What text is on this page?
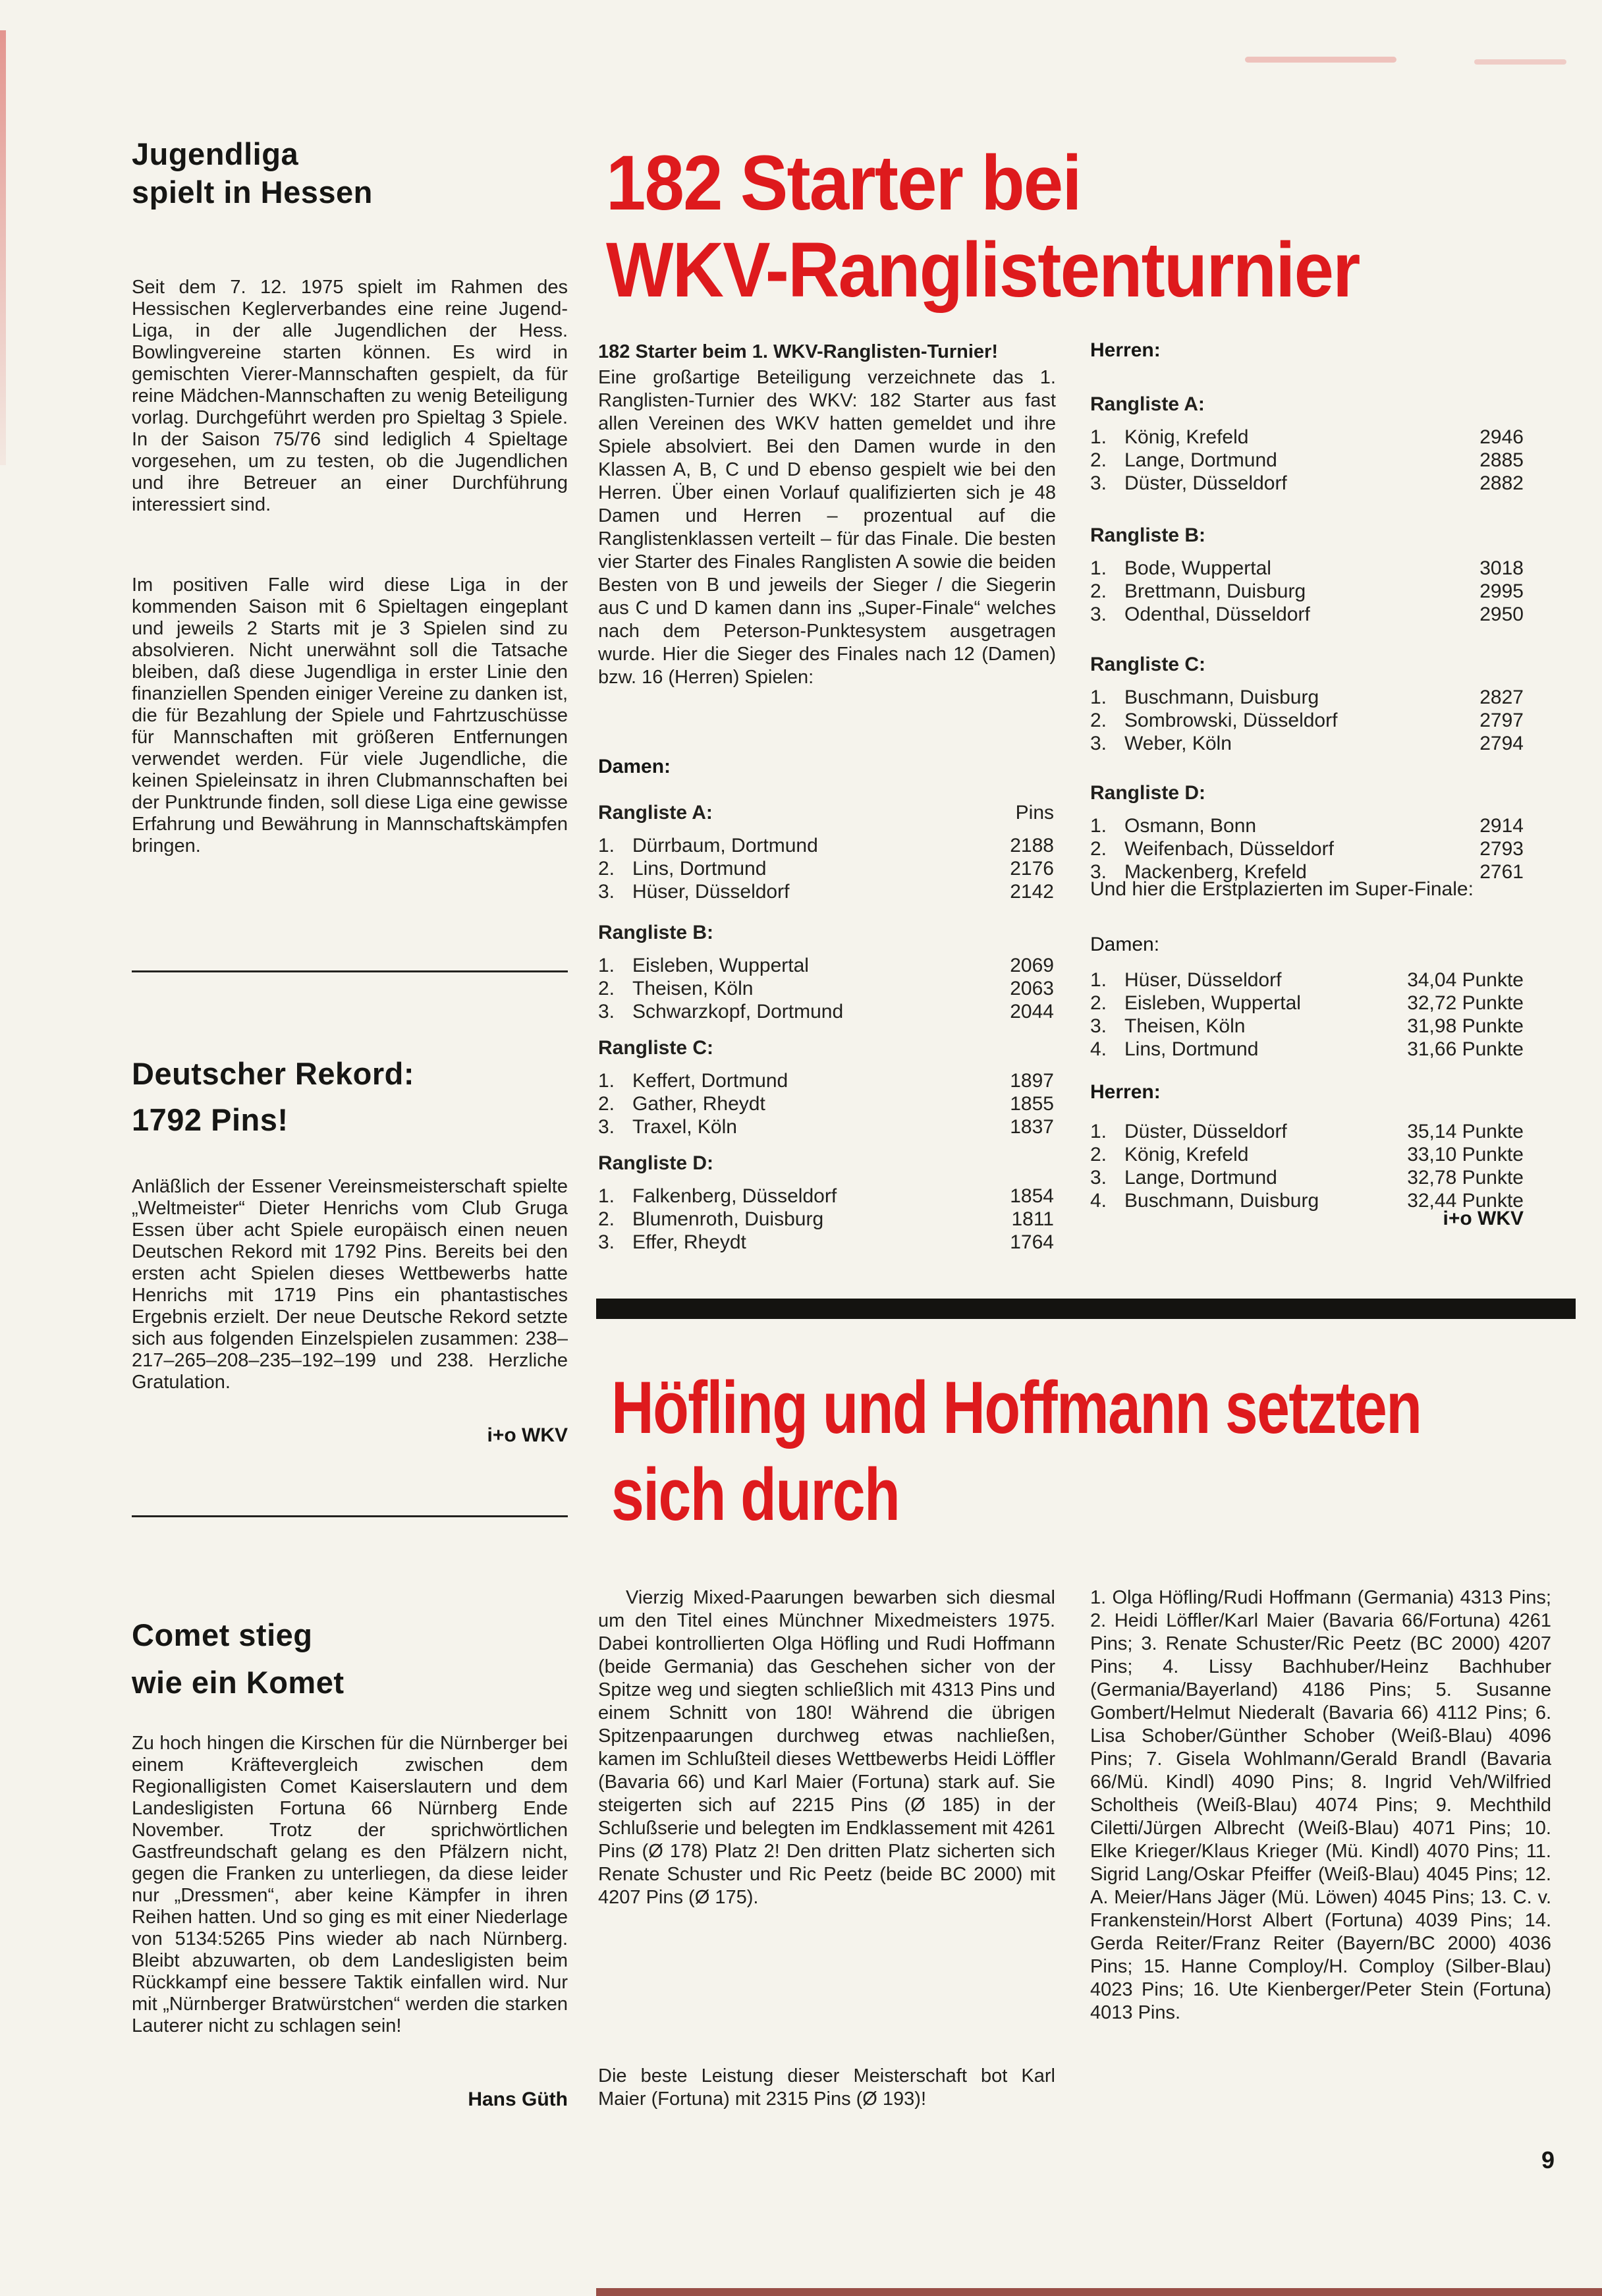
Jugendliga
spielt in Hessen
Seit dem 7. 12. 1975 spielt im Rahmen des Hessischen Keglerverbandes eine reine Jugend-Liga, in der alle Jugendlichen der Hess. Bowlingvereine starten können. Es wird in gemischten Vierer-Mannschaften gespielt, da für reine Mädchen-Mannschaften zu wenig Beteiligung vorlag. Durchgeführt werden pro Spieltag 3 Spiele. In der Saison 75/76 sind lediglich 4 Spieltage vorgesehen, um zu testen, ob die Jugendlichen und ihre Betreuer an einer Durchführung interessiert sind.
Im positiven Falle wird diese Liga in der kommenden Saison mit 6 Spieltagen eingeplant und jeweils 2 Starts mit je 3 Spielen sind zu absolvieren. Nicht unerwähnt soll die Tatsache bleiben, daß diese Jugendliga in erster Linie den finanziellen Spenden einiger Vereine zu danken ist, die für Bezahlung der Spiele und Fahrtzuschüsse für Mannschaften mit größeren Entfernungen verwendet werden. Für viele Jugendliche, die keinen Spieleinsatz in ihren Clubmannschaften bei der Punktrunde finden, soll diese Liga eine gewisse Erfahrung und Bewährung in Mannschaftskämpfen bringen.
Deutscher Rekord:
1792 Pins!
Anläßlich der Essener Vereinsmeisterschaft spielte „Weltmeister“ Dieter Henrichs vom Club Gruga Essen über acht Spiele europäisch einen neuen Deutschen Rekord mit 1792 Pins. Bereits bei den ersten acht Spielen dieses Wettbewerbs hatte Henrichs mit 1719 Pins ein phantastisches Ergebnis erzielt. Der neue Deutsche Rekord setzte sich aus folgenden Einzelspielen zusammen: 238–217–265–208–235–192–199 und 238. Herzliche Gratulation.
i+o WKV
Comet stieg
wie ein Komet
Zu hoch hingen die Kirschen für die Nürnberger bei einem Kräftevergleich zwischen dem Regionalligisten Comet Kaiserslautern und dem Landesligisten Fortuna 66 Nürnberg Ende November. Trotz der sprichwörtlichen Gastfreundschaft gelang es den Pfälzern nicht, gegen die Franken zu unterliegen, da diese leider nur „Dressmen“, aber keine Kämpfer in ihren Reihen hatten. Und so ging es mit einer Niederlage von 5134:5265 Pins wieder ab nach Nürnberg. Bleibt abzuwarten, ob dem Landesligisten beim Rückkampf eine bessere Taktik einfallen wird. Nur mit „Nürnberger Bratwürstchen“ werden die starken Lauterer nicht zu schlagen sein!
Hans Güth
182 Starter bei
WKV-Ranglistenturnier
182 Starter beim 1. WKV-Ranglisten-Turnier!
Eine großartige Beteiligung verzeichnete das 1. Ranglisten-Turnier des WKV: 182 Starter aus fast allen Vereinen des WKV hatten gemeldet und ihre Spiele absolviert. Bei den Damen wurde in den Klassen A, B, C und D ebenso gespielt wie bei den Herren. Über einen Vorlauf qualifizierten sich je 48 Damen und Herren – prozentual auf die Ranglistenklassen verteilt – für das Finale. Die besten vier Starter des Finales Ranglisten A sowie die beiden Besten von B und jeweils der Sieger / die Siegerin aus C und D kamen dann ins „Super-Finale“ welches nach dem Peterson-Punktesystem ausgetragen wurde. Hier die Sieger des Finales nach 12 (Damen) bzw. 16 (Herren) Spielen:
Damen:
Rangliste A:	Pins
1. Dürrbaum, Dortmund	2188
2. Lins, Dortmund	2176
3. Hüser, Düsseldorf	2142
Rangliste B:
1. Eisleben, Wuppertal	2069
2. Theisen, Köln	2063
3. Schwarzkopf, Dortmund	2044
Rangliste C:
1. Keffert, Dortmund	1897
2. Gather, Rheydt	1855
3. Traxel, Köln	1837
Rangliste D:
1. Falkenberg, Düsseldorf	1854
2. Blumenroth, Duisburg	1811
3. Effer, Rheydt	1764
Herren:
Rangliste A:
1. König, Krefeld	2946
2. Lange, Dortmund	2885
3. Düster, Düsseldorf	2882
Rangliste B:
1. Bode, Wuppertal	3018
2. Brettmann, Duisburg	2995
3. Odenthal, Düsseldorf	2950
Rangliste C:
1. Buschmann, Duisburg	2827
2. Sombrowski, Düsseldorf	2797
3. Weber, Köln	2794
Rangliste D:
1. Osmann, Bonn	2914
2. Weifenbach, Düsseldorf	2793
3. Mackenberg, Krefeld	2761
Und hier die Erstplazierten im Super-Finale:
Damen:
1. Hüser, Düsseldorf	34,04 Punkte
2. Eisleben, Wuppertal	32,72 Punkte
3. Theisen, Köln	31,98 Punkte
4. Lins, Dortmund	31,66 Punkte
Herren:
1. Düster, Düsseldorf	35,14 Punkte
2. König, Krefeld	33,10 Punkte
3. Lange, Dortmund	32,78 Punkte
4. Buschmann, Duisburg	32,44 Punkte
i+o WKV
Höfling und Hoffmann setzten
sich durch
Vierzig Mixed-Paarungen bewarben sich diesmal um den Titel eines Münchner Mixedmeisters 1975. Dabei kontrollierten Olga Höfling und Rudi Hoffmann (beide Germania) das Geschehen sicher von der Spitze weg und siegten schließlich mit 4313 Pins und einem Schnitt von 180! Während die übrigen Spitzenpaarungen durchweg etwas nachließen, kamen im Schlußteil dieses Wettbewerbs Heidi Löffler (Bavaria 66) und Karl Maier (Fortuna) stark auf. Sie steigerten sich auf 2215 Pins (Ø 185) in der Schlußserie und belegten im Endklassement mit 4261 Pins (Ø 178) Platz 2! Den dritten Platz sicherten sich Renate Schuster und Ric Peetz (beide BC 2000) mit 4207 Pins (Ø 175).
Die beste Leistung dieser Meisterschaft bot Karl Maier (Fortuna) mit 2315 Pins (Ø 193)!
1. Olga Höfling/Rudi Hoffmann (Germania) 4313 Pins; 2. Heidi Löffler/Karl Maier (Bavaria 66/Fortuna) 4261 Pins; 3. Renate Schuster/Ric Peetz (BC 2000) 4207 Pins; 4. Lissy Bachhuber/Heinz Bachhuber (Germania/Bayerland) 4186 Pins; 5. Susanne Gombert/Helmut Niederalt (Bavaria 66) 4112 Pins; 6. Lisa Schober/Günther Schober (Weiß-Blau) 4096 Pins; 7. Gisela Wohlmann/Gerald Brandl (Bavaria 66/Mü. Kindl) 4090 Pins; 8. Ingrid Veh/Wilfried Scholtheis (Weiß-Blau) 4074 Pins; 9. Mechthild Ciletti/Jürgen Albrecht (Weiß-Blau) 4071 Pins; 10. Elke Krieger/Klaus Krieger (Mü. Kindl) 4070 Pins; 11. Sigrid Lang/Oskar Pfeiffer (Weiß-Blau) 4045 Pins; 12. A. Meier/Hans Jäger (Mü. Löwen) 4045 Pins; 13. C. v. Frankenstein/Horst Albert (Fortuna) 4039 Pins; 14. Gerda Reiter/Franz Reiter (Bayern/BC 2000) 4036 Pins; 15. Hanne Comploy/H. Comploy (Silber-Blau) 4023 Pins; 16. Ute Kienberger/Peter Stein (Fortuna) 4013 Pins.
9
